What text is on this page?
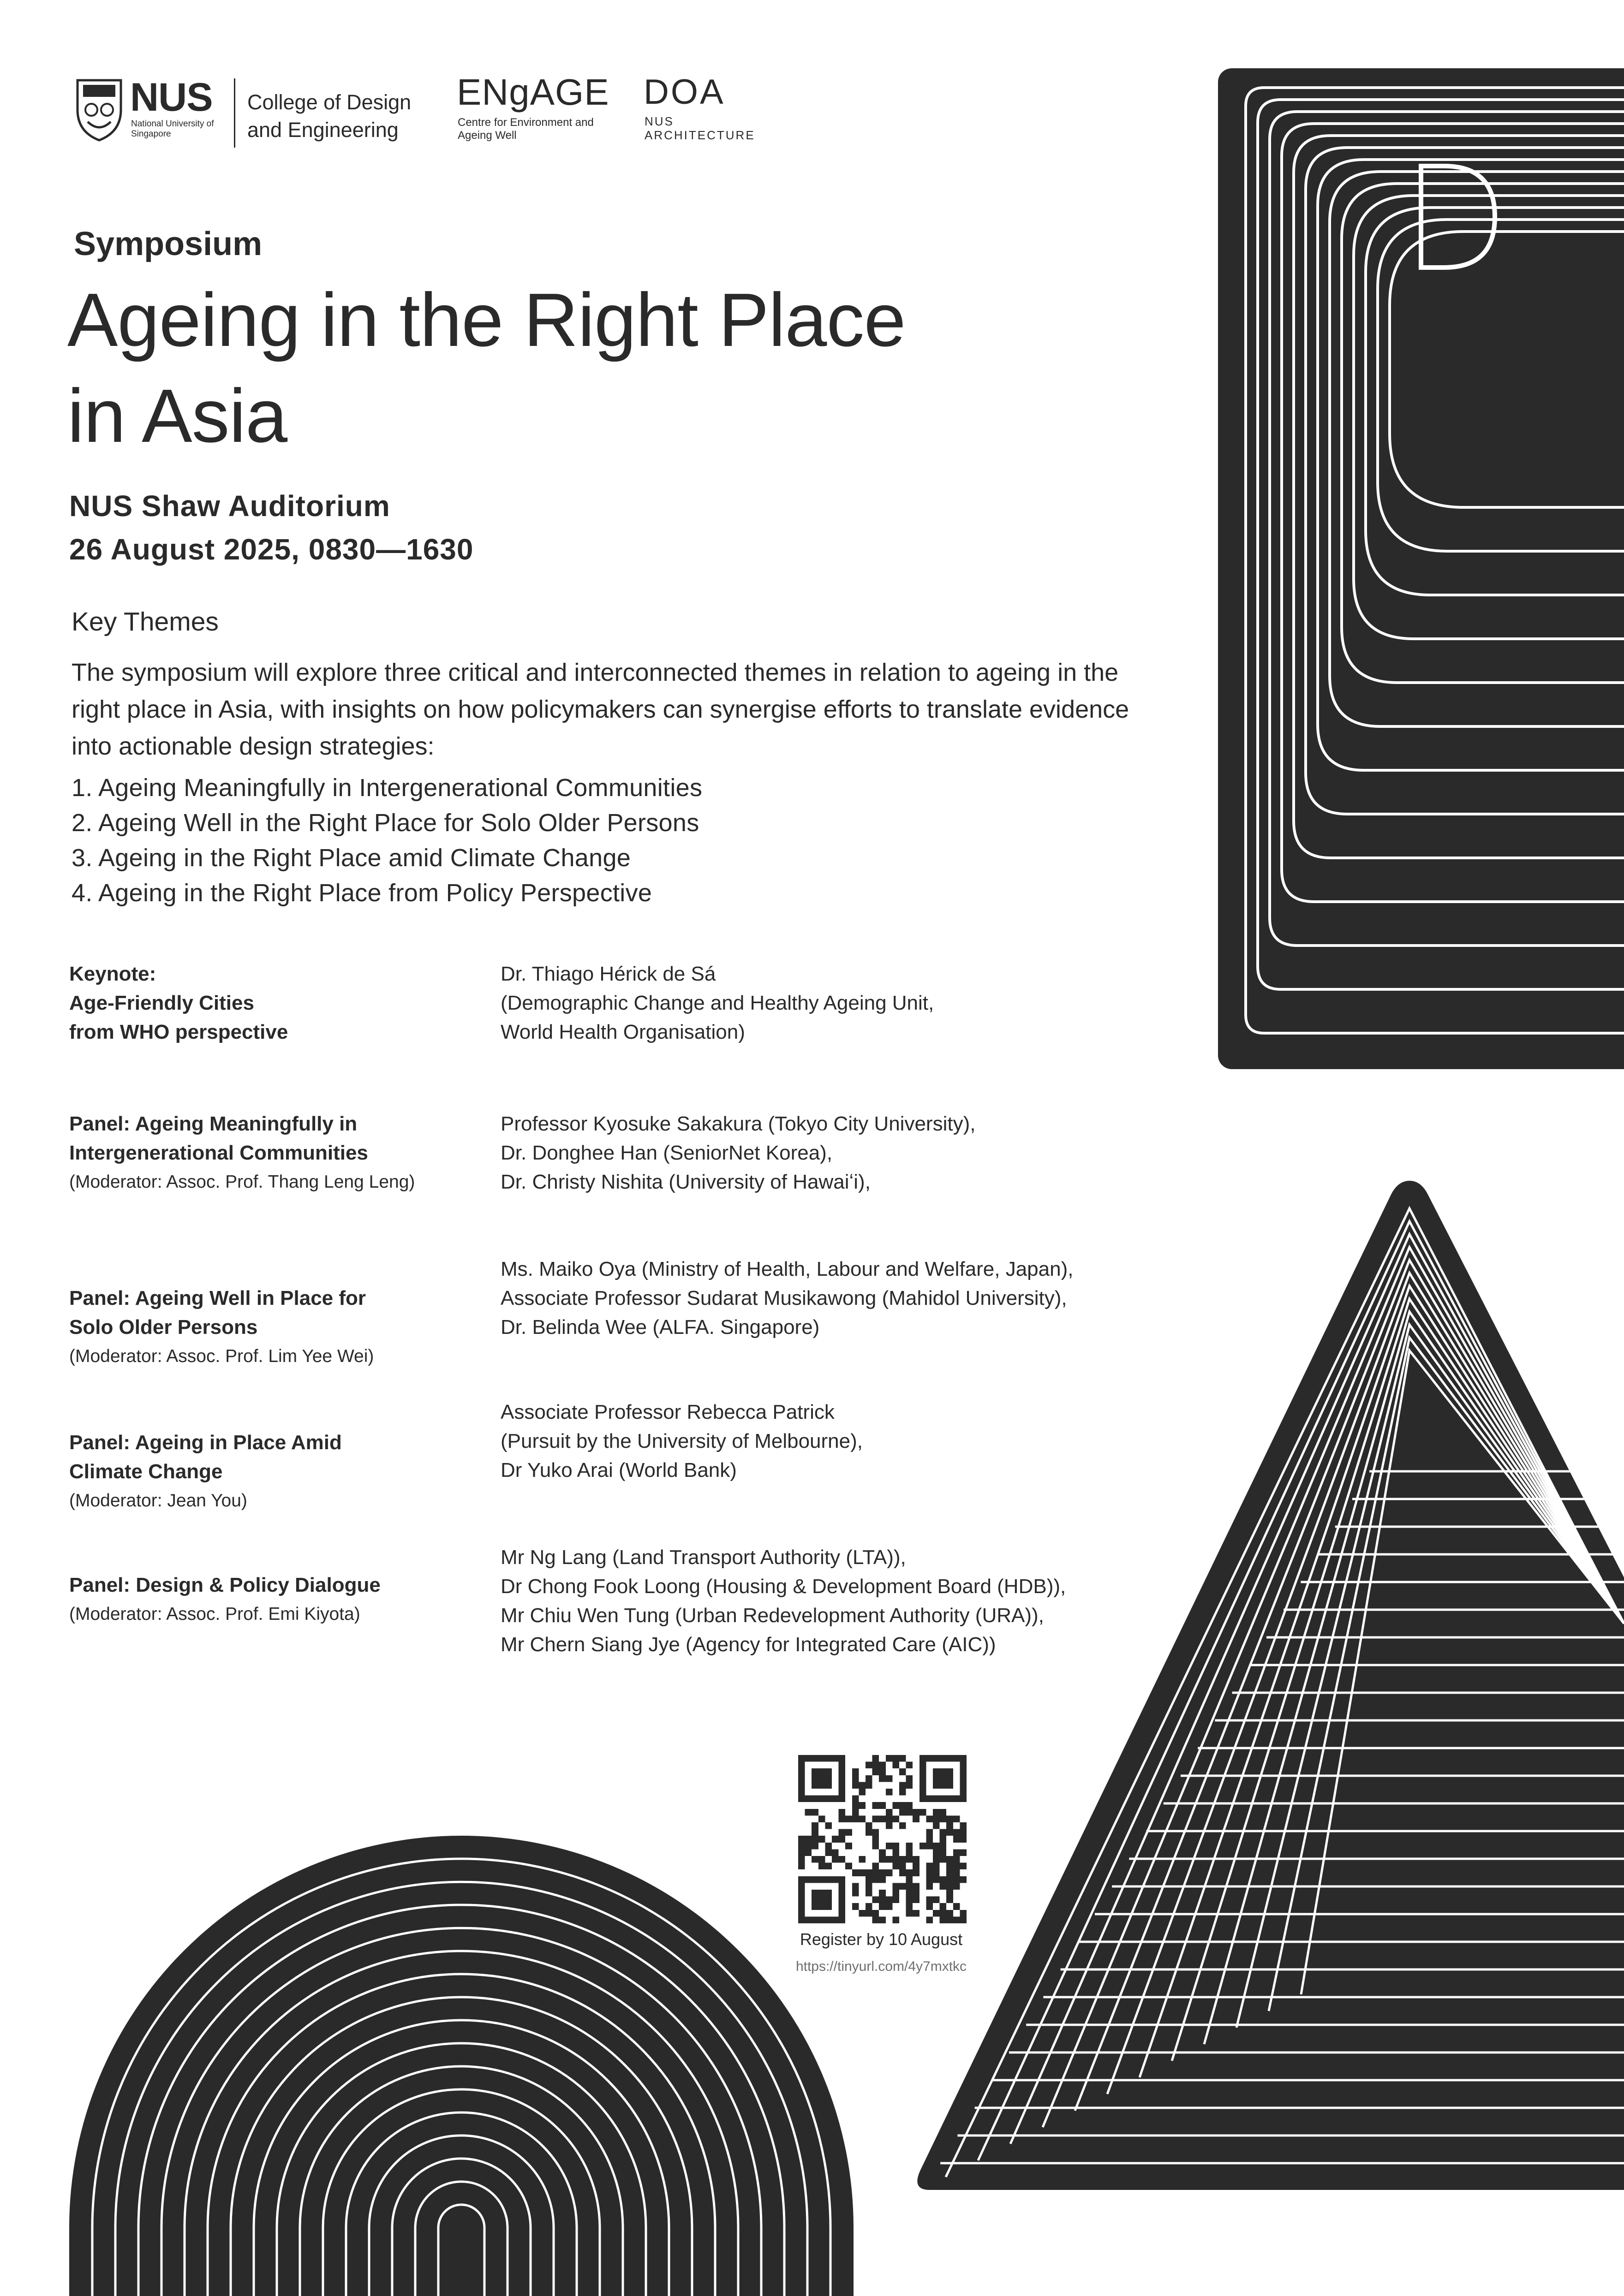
NUS
National University of Singapore
College of Design and Engineering
ENgAGE
Centre for Environment and Ageing Well
DOA
NUS ARCHITECTURE
Symposium
Ageing in the Right Place
in Asia
NUS Shaw Auditorium
26 August 2025, 0830—1630
Key Themes
The symposium will explore three critical and interconnected themes in relation to ageing in the right place in Asia, with insights on how policymakers can synergise efforts to translate evidence into actionable design strategies:
1. Ageing Meaningfully in Intergenerational Communities
2. Ageing Well in the Right Place for Solo Older Persons
3. Ageing in the Right Place amid Climate Change
4. Ageing in the Right Place from Policy Perspective
Keynote:
Age-Friendly Cities
from WHO perspective
Dr. Thiago Hérick de Sá
(Demographic Change and Healthy Ageing Unit,
World Health Organisation)
Panel: Ageing Meaningfully in
Intergenerational Communities
(Moderator: Assoc. Prof. Thang Leng Leng)
Professor Kyosuke Sakakura (Tokyo City University),
Dr. Donghee Han (SeniorNet Korea),
Dr. Christy Nishita (University of Hawaiʻi),
Panel: Ageing Well in Place for
Solo Older Persons
(Moderator: Assoc. Prof. Lim Yee Wei)
Ms. Maiko Oya (Ministry of Health, Labour and Welfare, Japan),
Associate Professor Sudarat Musikawong (Mahidol University),
Dr. Belinda Wee (ALFA. Singapore)
Panel: Ageing in Place Amid
Climate Change
(Moderator: Jean You)
Associate Professor Rebecca Patrick
(Pursuit by the University of Melbourne),
Dr Yuko Arai (World Bank)
Panel: Design & Policy Dialogue
(Moderator: Assoc. Prof. Emi Kiyota)
Mr Ng Lang (Land Transport Authority (LTA)),
Dr Chong Fook Loong (Housing & Development Board (HDB)),
Mr Chiu Wen Tung (Urban Redevelopment Authority (URA)),
Mr Chern Siang Jye (Agency for Integrated Care (AIC))
Register by 10 August
https://tinyurl.com/4y7mxtkc
